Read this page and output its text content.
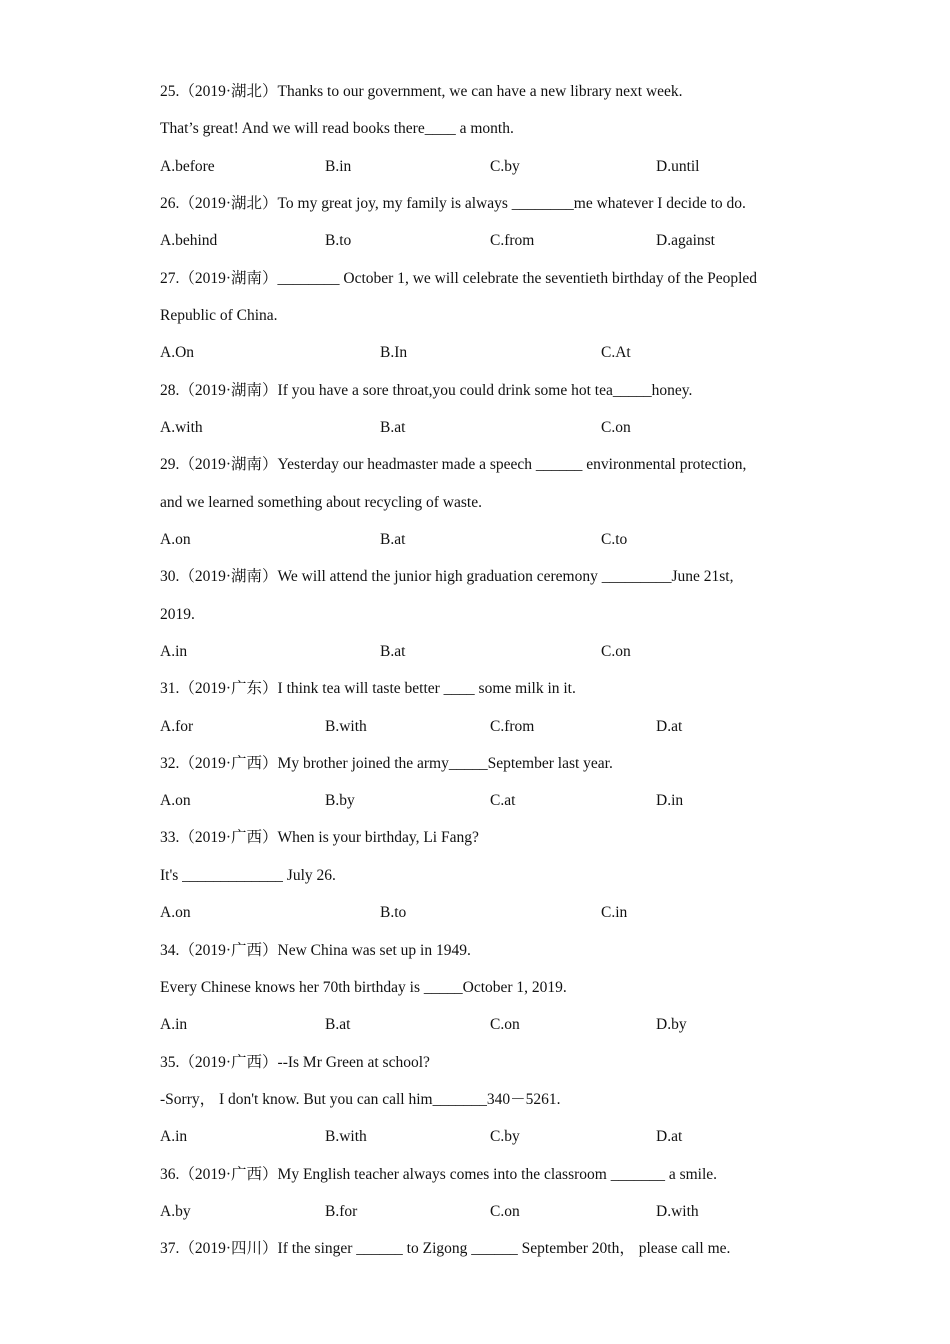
25.（2019·湖北）Thanks to our government, we can have a new library next week.
That’s great! And we will read books there____ a month.
A.before	B.in	C.by	D.until
26.（2019·湖北）To my great joy, my family is always ________me whatever I decide to do.
A.behind	B.to	C.from	D.against
27.（2019·湖南）________ October 1, we will celebrate the seventieth birthday of the Peopled
Republic of China.
A.On	B.In	C.At
28.（2019·湖南）If you have a sore throat,you could drink some hot tea_____honey.
A.with	B.at	C.on
29.（2019·湖南）Yesterday our headmaster made a speech ______ environmental protection,
and we learned something about recycling of waste.
A.on	B.at	C.to
30.（2019·湖南）We will attend the junior high graduation ceremony _________June 21st,
2019.
A.in	B.at	C.on
31.（2019·广东）I think tea will taste better ____ some milk in it.
A.for	B.with	C.from	D.at
32.（2019·广西）My brother joined the army_____September last year.
A.on	B.by	C.at	D.in
33.（2019·广西）When is your birthday, Li Fang?
It's _____________ July 26.
A.on	B.to	C.in
34.（2019·广西）New China was set up in 1949.
Every Chinese knows her 70th birthday is _____October 1, 2019.
A.in	B.at	C.on	D.by
35.（2019·广西）--Is Mr Green at school?
-Sorry， I don't know. But you can call him_______340－5261.
A.in	B.with	C.by	D.at
36.（2019·广西）My English teacher always comes into the classroom _______ a smile.
A.by	B.for	C.on	D.with
37.（2019·四川）If the singer ______ to Zigong ______ September 20th， please call me.
